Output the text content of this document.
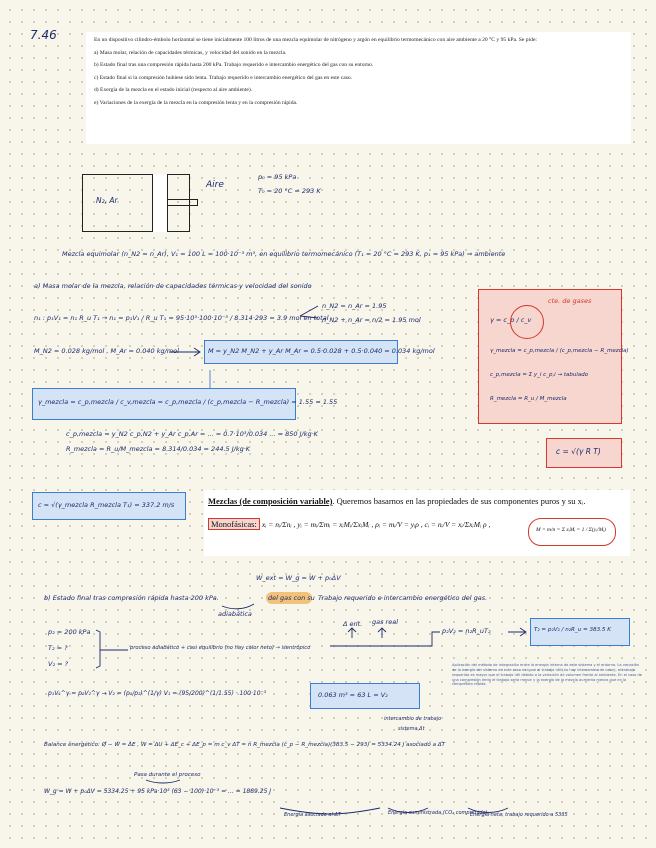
7.46	En un dispositivo cilindro-émbolo horizontal se tiene inicialmente 100 litros de una mezcla equimolar de nitrógeno y argón en equilibrio termomecánico con aire ambiente a 20 °C y 95 kPa. Se pide:

a) Masa molar, relación de capacidades térmicas, y velocidad del sonido en la mezcla.

b) Estado final tras una compresión rápida hasta 200 kPa. Trabajo requerido e intercambio energético del gas con su entorno.

c) Estado final si la compresión hubiese sido lenta. Trabajo requerido e intercambio energético del gas en este caso.

d) Exergía de la mezcla en el estado inicial (respecto al aire ambiente).

e) Variaciones de la exergía de la mezcla en la compresión lenta y en la compresión rápida.

N₂, Ar
Aire
p₀ = 95 kPa
T₀ = 20 °C = 293 K
Mezcla equimolar (n_N2 = n_Ar), V₁ = 100 L = 100·10⁻³ m³, en equilibrio termomecánico (T₁ = 20 °C = 293 K, p₁ = 95 kPa) ⇒ ambiente
a) Masa molar de la mezcla, relación de capacidades térmicas y velocidad del sonido
n₁ : p₁V₁ = n₁ R_u T₁ → n₁ = p₁V₁ / R_u T₁ = 95·10³·100·10⁻³ / 8.314·293 = 3.9 mol en total
n_N2 = n_Ar = 1.95
n_N2 + n_Ar = n/2 = 1.95 mol
M_N2 = 0.028 kg/mol , M_Ar = 0.040 kg/mol	M = y_N2 M_N2 + y_Ar M_Ar = 0.5·0.028 + 0.5·0.040 = 0.034 kg/mol
γ_mezcla = c_p,mezcla / c_v,mezcla = c_p,mezcla / (c_p,mezcla − R_mezcla) = 1.55 ≈ 1.55
c_p,mezcla = y_N2 c_p,N2 + y_Ar c_p,Ar = ... = 0.7·10³/0.034 ... ≈ 850 J/kg·K
R_mezcla = R_u/M_mezcla = 8.314/0.034 = 244.5 J/kg·K
c = √(γ_mezcla R_mezcla T₁) = 337.2 m/s
γ = c_p / c_v
cte. de gases
γ_mezcla = c_p,mezcla / (c_p,mezcla − R_mezcla)
c_p,mezcla = Σ y_i c_p,i → tabulado
R_mezcla = R_u / M_mezcla
c = √(γ R T)
Mezclas (de composición variable). Queremos basarnos en las propiedades de sus componentes puros y su xᵢ.
Monofásicas: xᵢ = nᵢ/Σnᵢ , yᵢ = mᵢ/Σmᵢ = xᵢMᵢ/ΣxᵢMᵢ , ρᵢ = mᵢ/V = yᵢρ , cᵢ = nᵢ/V = xᵢ/ΣxᵢMᵢ ρ ,
M = m/n = Σ xᵢMᵢ = 1 / Σ(yᵢ/Mᵢ)
W_ext = W_g = W + p₀ΔV
b) Estado final tras compresión rápida hasta 200 kPa.	del gas con su Trabajo requerido e intercambio energético del gas.
adiabática
p₂ = 200 kPa
T₂ = ?
V₂ = ?
proceso adiabático + casi equilibrio (no hay calor neto) → isentrópico
Δ ent. gas real
p₂V₂ = n₂R_uT₂	T₂ = p₂V₂ / n₂R_u = 383.5 K
p₁V₁^γ = p₂V₂^γ → V₂ = (p₁/p₂)^(1/γ) V₁ = (95/200)^(1/1.55) · 100·10⁻³	0.063 m³ = 63 L = V₂
Aplicación del método de integración entre la energía interna de este sistema y el entorno. La variación de la exergía del sistema en este caso es igual al trabajo útil (no hay intercambio de calor), el trabajo requerido es mayor que el trabajo útil debido a la variación de volumen frente al ambiente. En el caso de una compresión lenta el trabajo sería menor y la exergía de la mezcla aumenta menos que en la compresión rápida.
intercambio de trabajo
sistema Δt
Balance energético: Q̸ − W = ΔE , W = ΔU + ΔE_c + ΔE_p = m c_v ΔT = n R_mezcla (c_p − R_mezcla)(383.5 − 293) = 5334.24 J asociado a ΔT
Pasa durante el proceso
W_g = W + p₀ΔV = 5334.25 + 95 kPa·10³ (63 − 100)·10⁻³ = ... = 1889.25 J
Energía asociada al ΔT	Energía suministrada (CO₂ comprimido)
Energía neta, trabajo requerido a 5335
